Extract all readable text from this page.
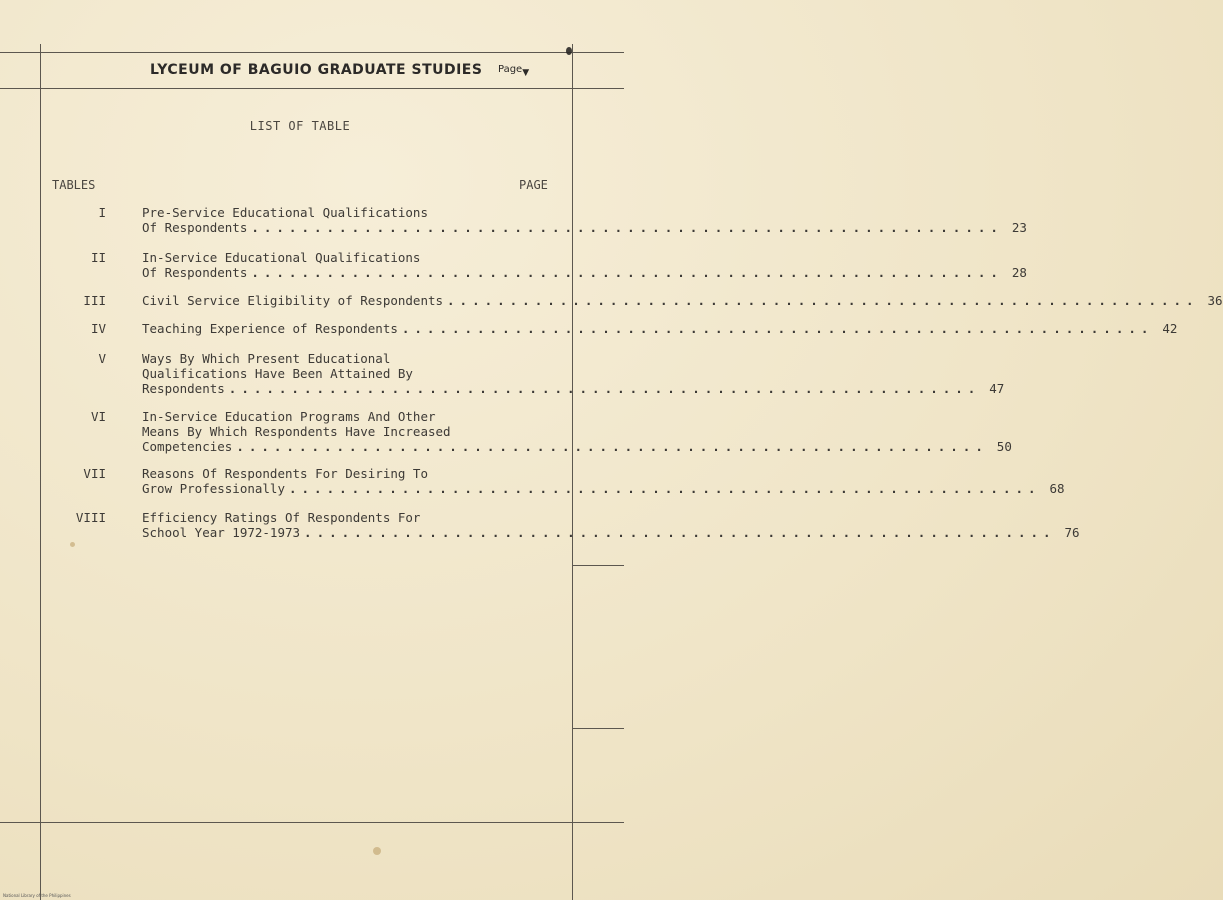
LYCEUM OF BAGUIO GRADUATE STUDIES Page▼
LIST OF TABLE
TABLES	PAGE
I	Pre-Service Educational Qualifications
Of Respondents ............................................................ 23
II	In-Service Educational Qualifications
Of Respondents ............................................................ 28
III	Civil Service Eligibility of Respondents ............................................................ 36
IV	Teaching Experience of Respondents ............................................................ 42
V	Ways By Which Present Educational
Qualifications Have Been Attained By
Respondents ............................................................ 47
VI	In-Service Education Programs And Other
Means By Which Respondents Have Increased
Competencies ............................................................ 50
VII	Reasons Of Respondents For Desiring To
Grow Professionally ............................................................ 68
VIII	Efficiency Ratings Of Respondents For
School Year 1972-1973 ............................................................ 76
National Library of the Philippines
